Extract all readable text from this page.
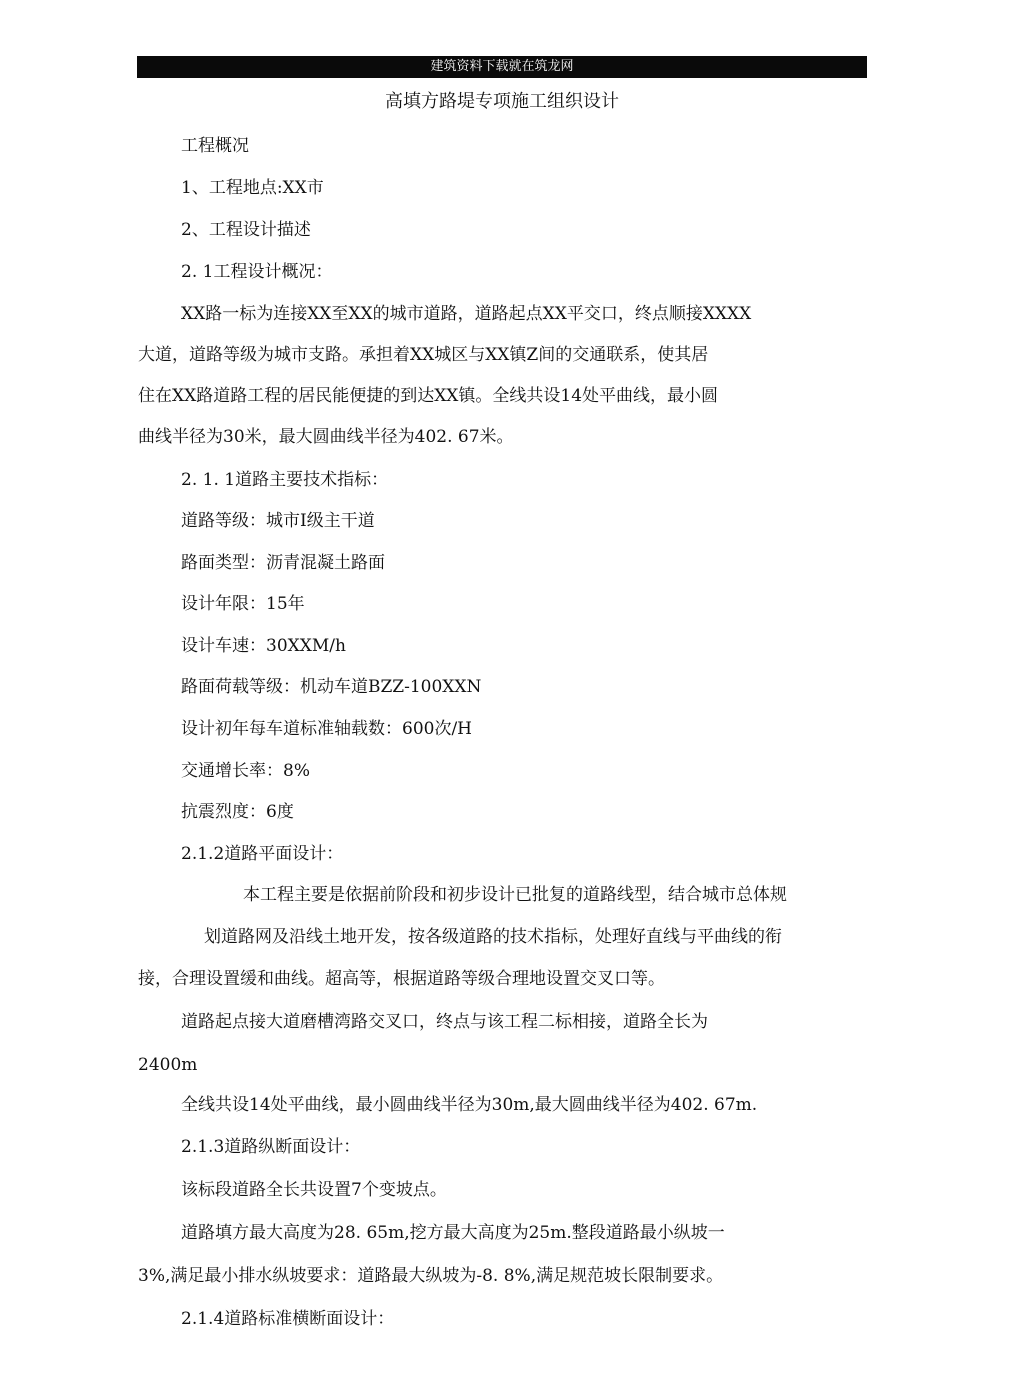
建筑资料下载就在筑龙网
高填方路堤专项施工组织设计
工程概况
1、工程地点:XX市
2、工程设计描述
2. 1工程设计概况：
XX路一标为连接XX至XX的城市道路，道路起点XX平交口，终点顺接XXXX
大道，道路等级为城市支路。承担着XX城区与XX镇Z间的交通联系，使其居
住在XX路道路工程的居民能便捷的到达XX镇。全线共设14处平曲线，最小圆
曲线半径为30米，最大圆曲线半径为402. 67米。
2. 1. 1道路主要技术指标：
道路等级：城市I级主干道
路面类型：沥青混凝土路面
设计年限：15年
设计车速：30XXM/h
路面荷载等级：机动车道BZZ-100XXN
设计初年每车道标准轴载数：600次/H
交通增长率：8%
抗震烈度：6度
2.1.2道路平面设计：
本工程主要是依据前阶段和初步设计已批复的道路线型，结合城市总体规
划道路网及沿线土地开发，按各级道路的技术指标，处理好直线与平曲线的衔
接，合理设置缓和曲线。超高等，根据道路等级合理地设置交叉口等。
道路起点接大道磨槽湾路交叉口，终点与该工程二标相接，道路全长为
2400m
全线共设14处平曲线，最小圆曲线半径为30m,最大圆曲线半径为402. 67m.
2.1.3道路纵断面设计：
该标段道路全长共设置7个变坡点。
道路填方最大高度为28. 65m,挖方最大高度为25m.整段道路最小纵坡一
3%,满足最小排水纵坡要求：道路最大纵坡为-8. 8%,满足规范坡长限制要求。
2.1.4道路标准横断面设计：
